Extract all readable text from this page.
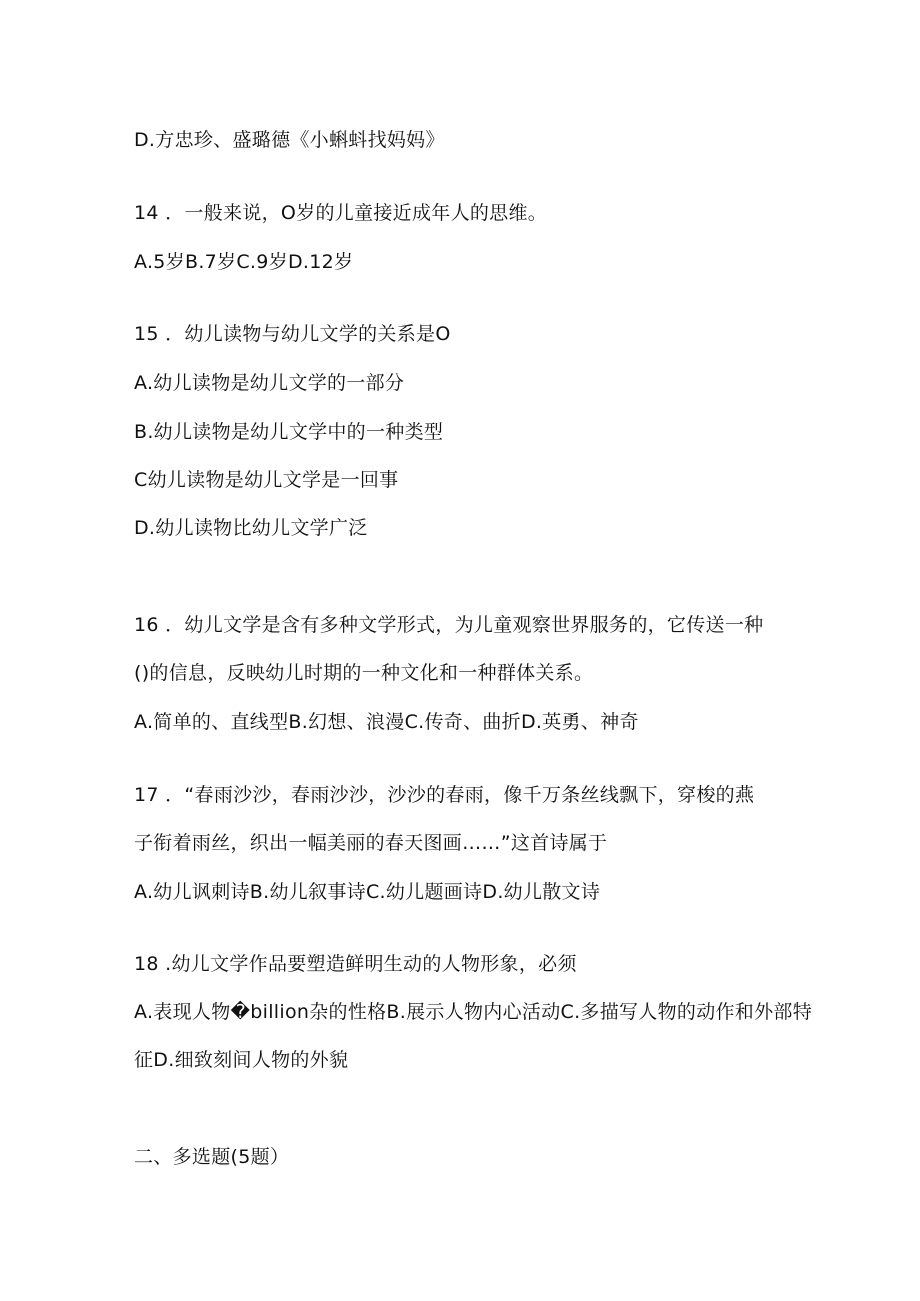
D.方忠珍、盛璐德《小蝌蚪找妈妈》
14 ．一般来说，O岁的儿童接近成年人的思维。
A.5岁B.7岁C.9岁D.12岁
15 ．幼儿读物与幼儿文学的关系是O
A.幼儿读物是幼儿文学的一部分
B.幼儿读物是幼儿文学中的一种类型
C幼儿读物是幼儿文学是一回事
D.幼儿读物比幼儿文学广泛
16 ．幼儿文学是含有多种文学形式，为儿童观察世界服务的，它传送一种
()的信息，反映幼儿时期的一种文化和一种群体关系。
A.简单的、直线型B.幻想、浪漫C.传奇、曲折D.英勇、神奇
17 ．“春雨沙沙，春雨沙沙，沙沙的春雨，像千万条丝线飘下，穿梭的燕
子衔着雨丝，织出一幅美丽的春天图画……”这首诗属于
A.幼儿讽刺诗B.幼儿叙事诗C.幼儿题画诗D.幼儿散文诗
18 .幼儿文学作品要塑造鲜明生动的人物形象，必须
A.表现人物�billion杂的性格B.展示人物内心活动C.多描写人物的动作和外部特
征D.细致刻间人物的外貌
二、多选题(5题）
